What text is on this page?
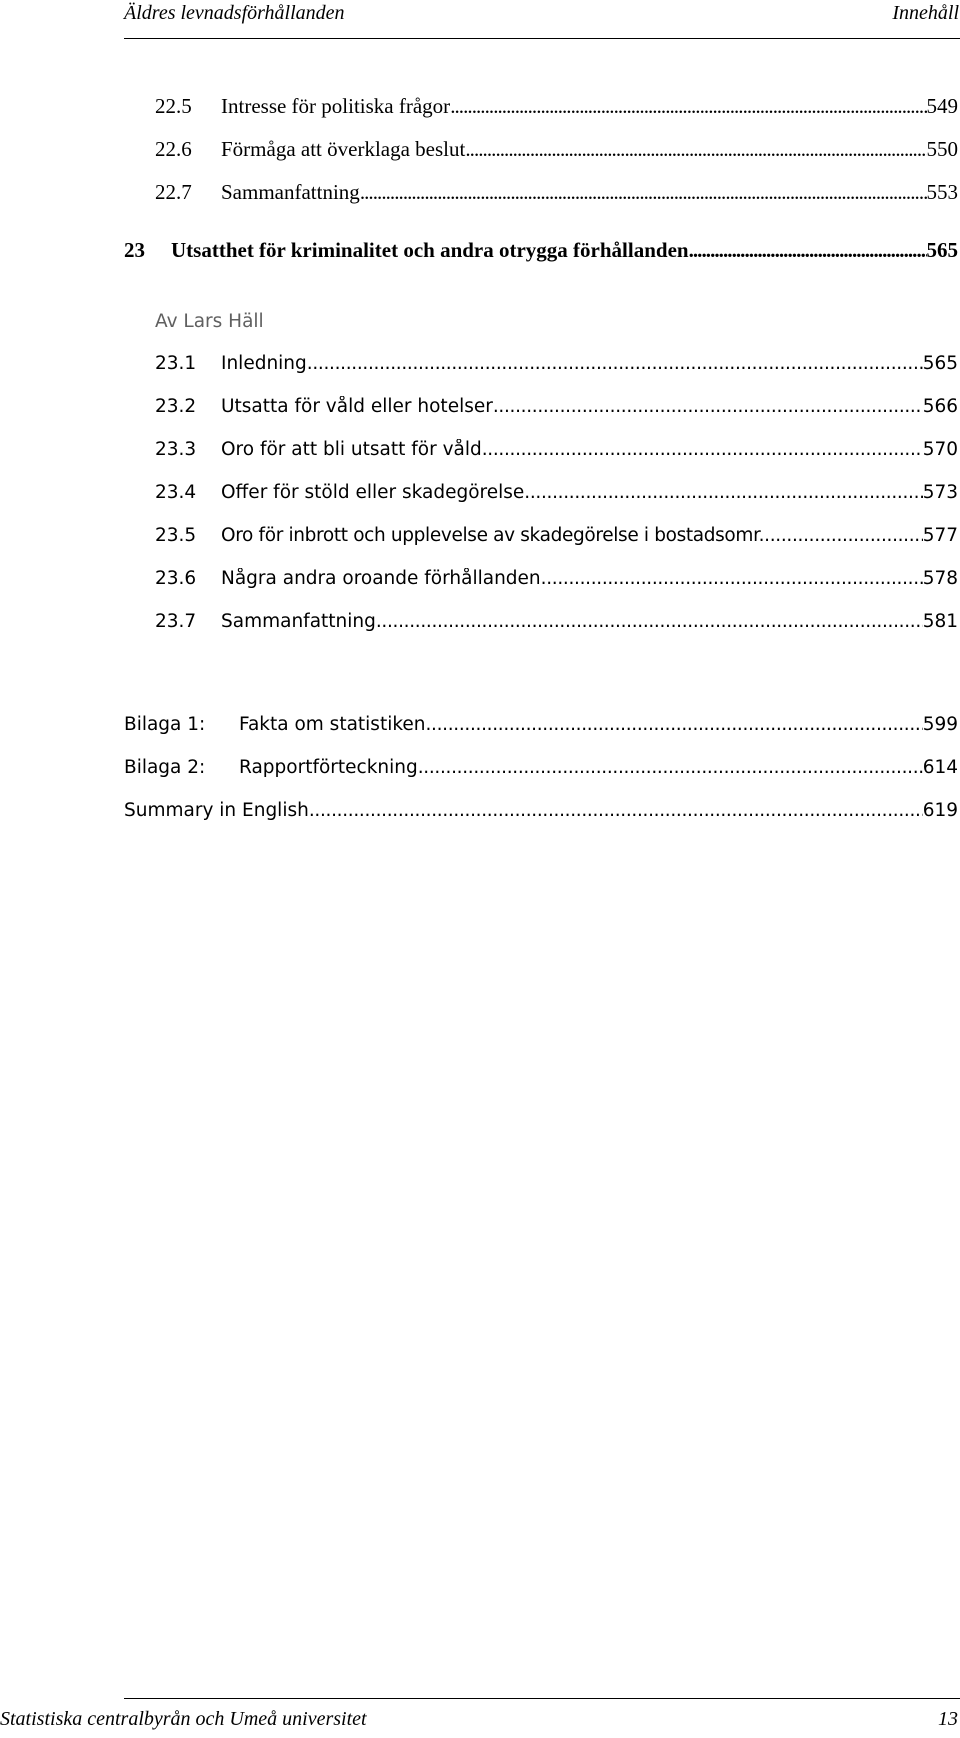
Äldres levnadsförhållanden	Innehåll
22.5	Intresse för politiska frågor . . .	549
22.6	Förmåga att överklaga beslut . . .	550
22.7	Sammanfattning . . .	553
23	Utsatthet för kriminalitet och andra otrygga förhållanden . . .	565
Av Lars Häll
23.1	Inledning . . .	565
23.2	Utsatta för våld eller hotelser . . .	566
23.3	Oro för att bli utsatt för våld . . .	570
23.4	Offer för stöld eller skadegörelse . . .	573
23.5	Oro för inbrott och upplevelse av skadegörelse i bostadsomr. . . .	577
23.6	Några andra oroande förhållanden . . .	578
23.7	Sammanfattning . . .	581
Bilaga 1:	Fakta om statistiken . . .	599
Bilaga 2:	Rapportförteckning . . .	614
Summary in English . . .	619
Statistiska centralbyrån och Umeå universitet	13
